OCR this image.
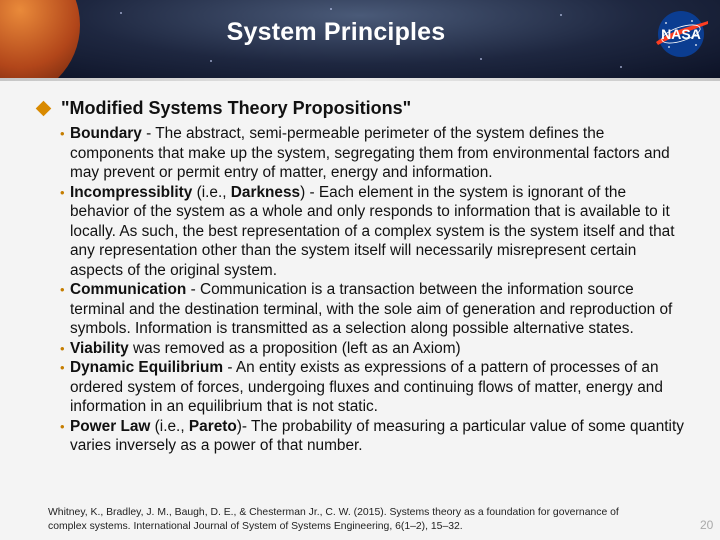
System Principles	NASA
"Modified Systems Theory Propositions"
• Boundary - The abstract, semi-permeable perimeter of the system defines the components that make up the system, segregating them from environmental factors and may prevent or permit entry of matter, energy and information.
• Incompressiblity (i.e., Darkness) - Each element in the system is ignorant of the behavior of the system as a whole and only responds to information that is available to it locally. As such, the best representation of a complex system is the system itself and that any representation other than the system itself will necessarily misrepresent certain aspects of the original system.
• Communication - Communication is a transaction between the information source terminal and the destination terminal, with the sole aim of generation and reproduction of symbols. Information is transmitted as a selection along possible alternative states.
• Viability was removed as a proposition (left as an Axiom)
• Dynamic Equilibrium - An entity exists as expressions of a pattern of processes of an ordered system of forces, undergoing fluxes and continuing flows of matter, energy and information in an equilibrium that is not static.
• Power Law (i.e., Pareto)- The probability of measuring a particular value of some quantity varies inversely as a power of that number.
Whitney, K., Bradley, J. M., Baugh, D. E., & Chesterman Jr., C. W. (2015). Systems theory as a foundation for governance of complex systems. International Journal of System of Systems Engineering, 6(1–2), 15–32.	20
